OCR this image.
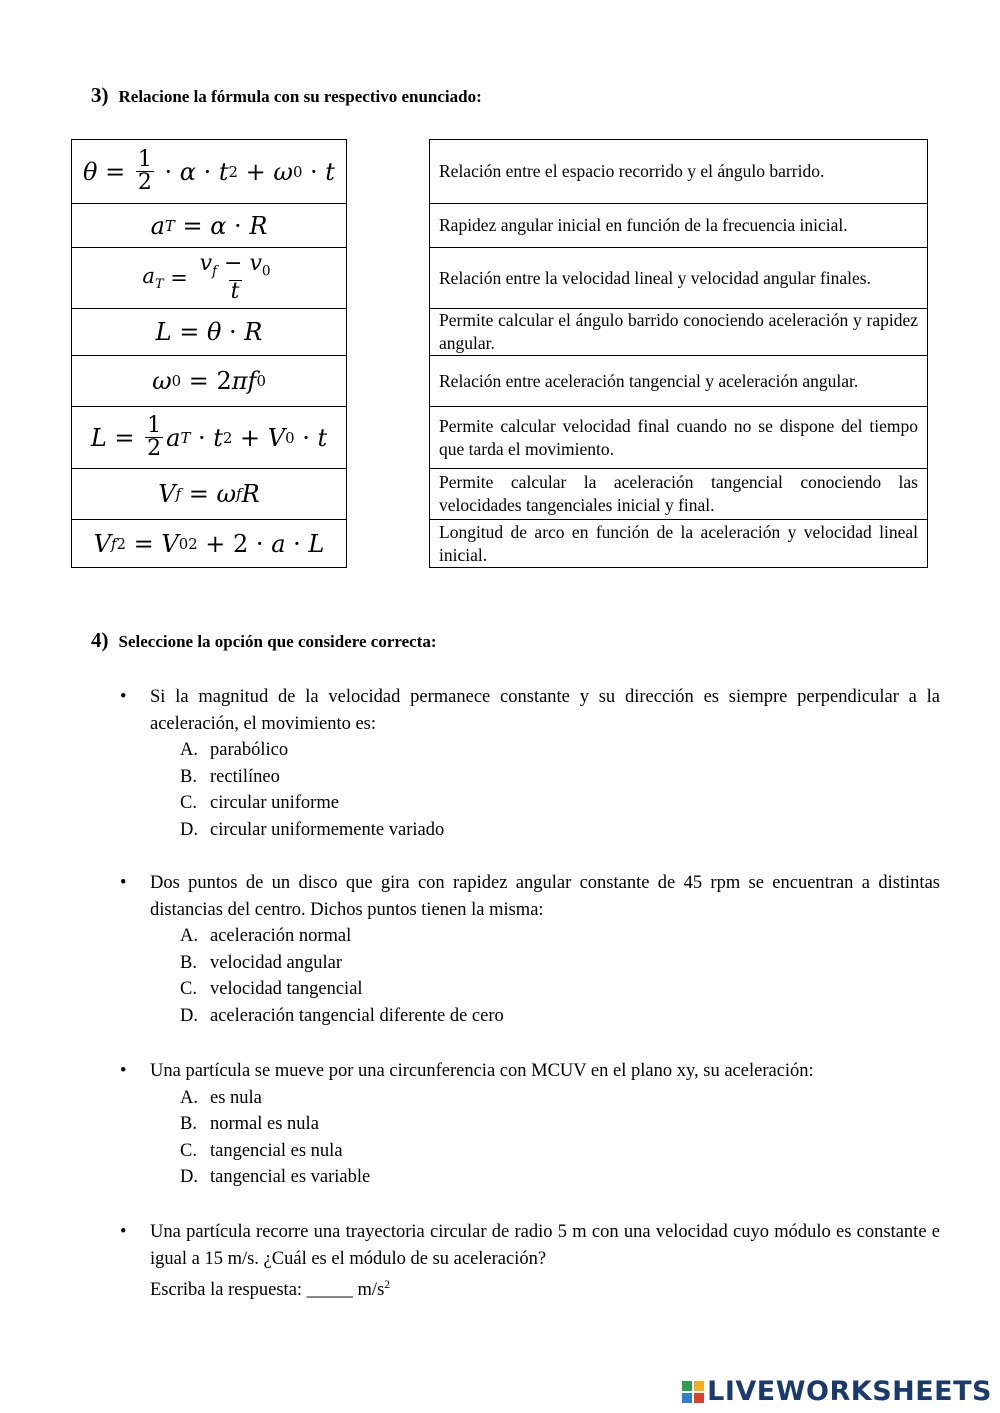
3) Relacione la fórmula con su respectivo enunciado:
$\theta = \frac{1}{2} \cdot \alpha \cdot t$ 2 + ω 0 · t
a T = α · R
$a_T = \frac{v_f - v_0}{t}$
L = θ · R
ω 0 = 2 π f 0
$L = \frac{1}{2}$ a T · t 2 + V 0 · t
V f = ω f R
V f 2 = V 0 2 + 2 · a · L
Relación entre el espacio recorrido y el ángulo barrido.
Rapidez angular inicial en función de la frecuencia inicial.
Relación entre la velocidad lineal y velocidad angular finales.
Permite calcular el ángulo barrido conociendo aceleración y rapidez angular.
Relación entre aceleración tangencial y aceleración angular.
Permite calcular velocidad final cuando no se dispone del tiempo que tarda el movimiento.
Permite calcular la aceleración tangencial conociendo las velocidades tangenciales inicial y final.
Longitud de arco en función de la aceleración y velocidad lineal inicial.
4) Seleccione la opción que considere correcta:
• Si la magnitud de la velocidad permanece constante y su dirección es siempre perpendicular a la aceleración, el movimiento es:
A. parabólico
B. rectilíneo
C. circular uniforme
D. circular uniformemente variado
• Dos puntos de un disco que gira con rapidez angular constante de 45 rpm se encuentran a distintas distancias del centro. Dichos puntos tienen la misma:
A. aceleración normal
B. velocidad angular
C. velocidad tangencial
D. aceleración tangencial diferente de cero
• Una partícula se mueve por una circunferencia con MCUV en el plano xy, su aceleración:
A. es nula
B. normal es nula
C. tangencial es nula
D. tangencial es variable
• Una partícula recorre una trayectoria circular de radio 5 m con una velocidad cuyo módulo es constante e igual a 15 m/s. ¿Cuál es el módulo de su aceleración?
Escriba la respuesta: _____ $m/s^2$
LIVEWORKSHEETS
